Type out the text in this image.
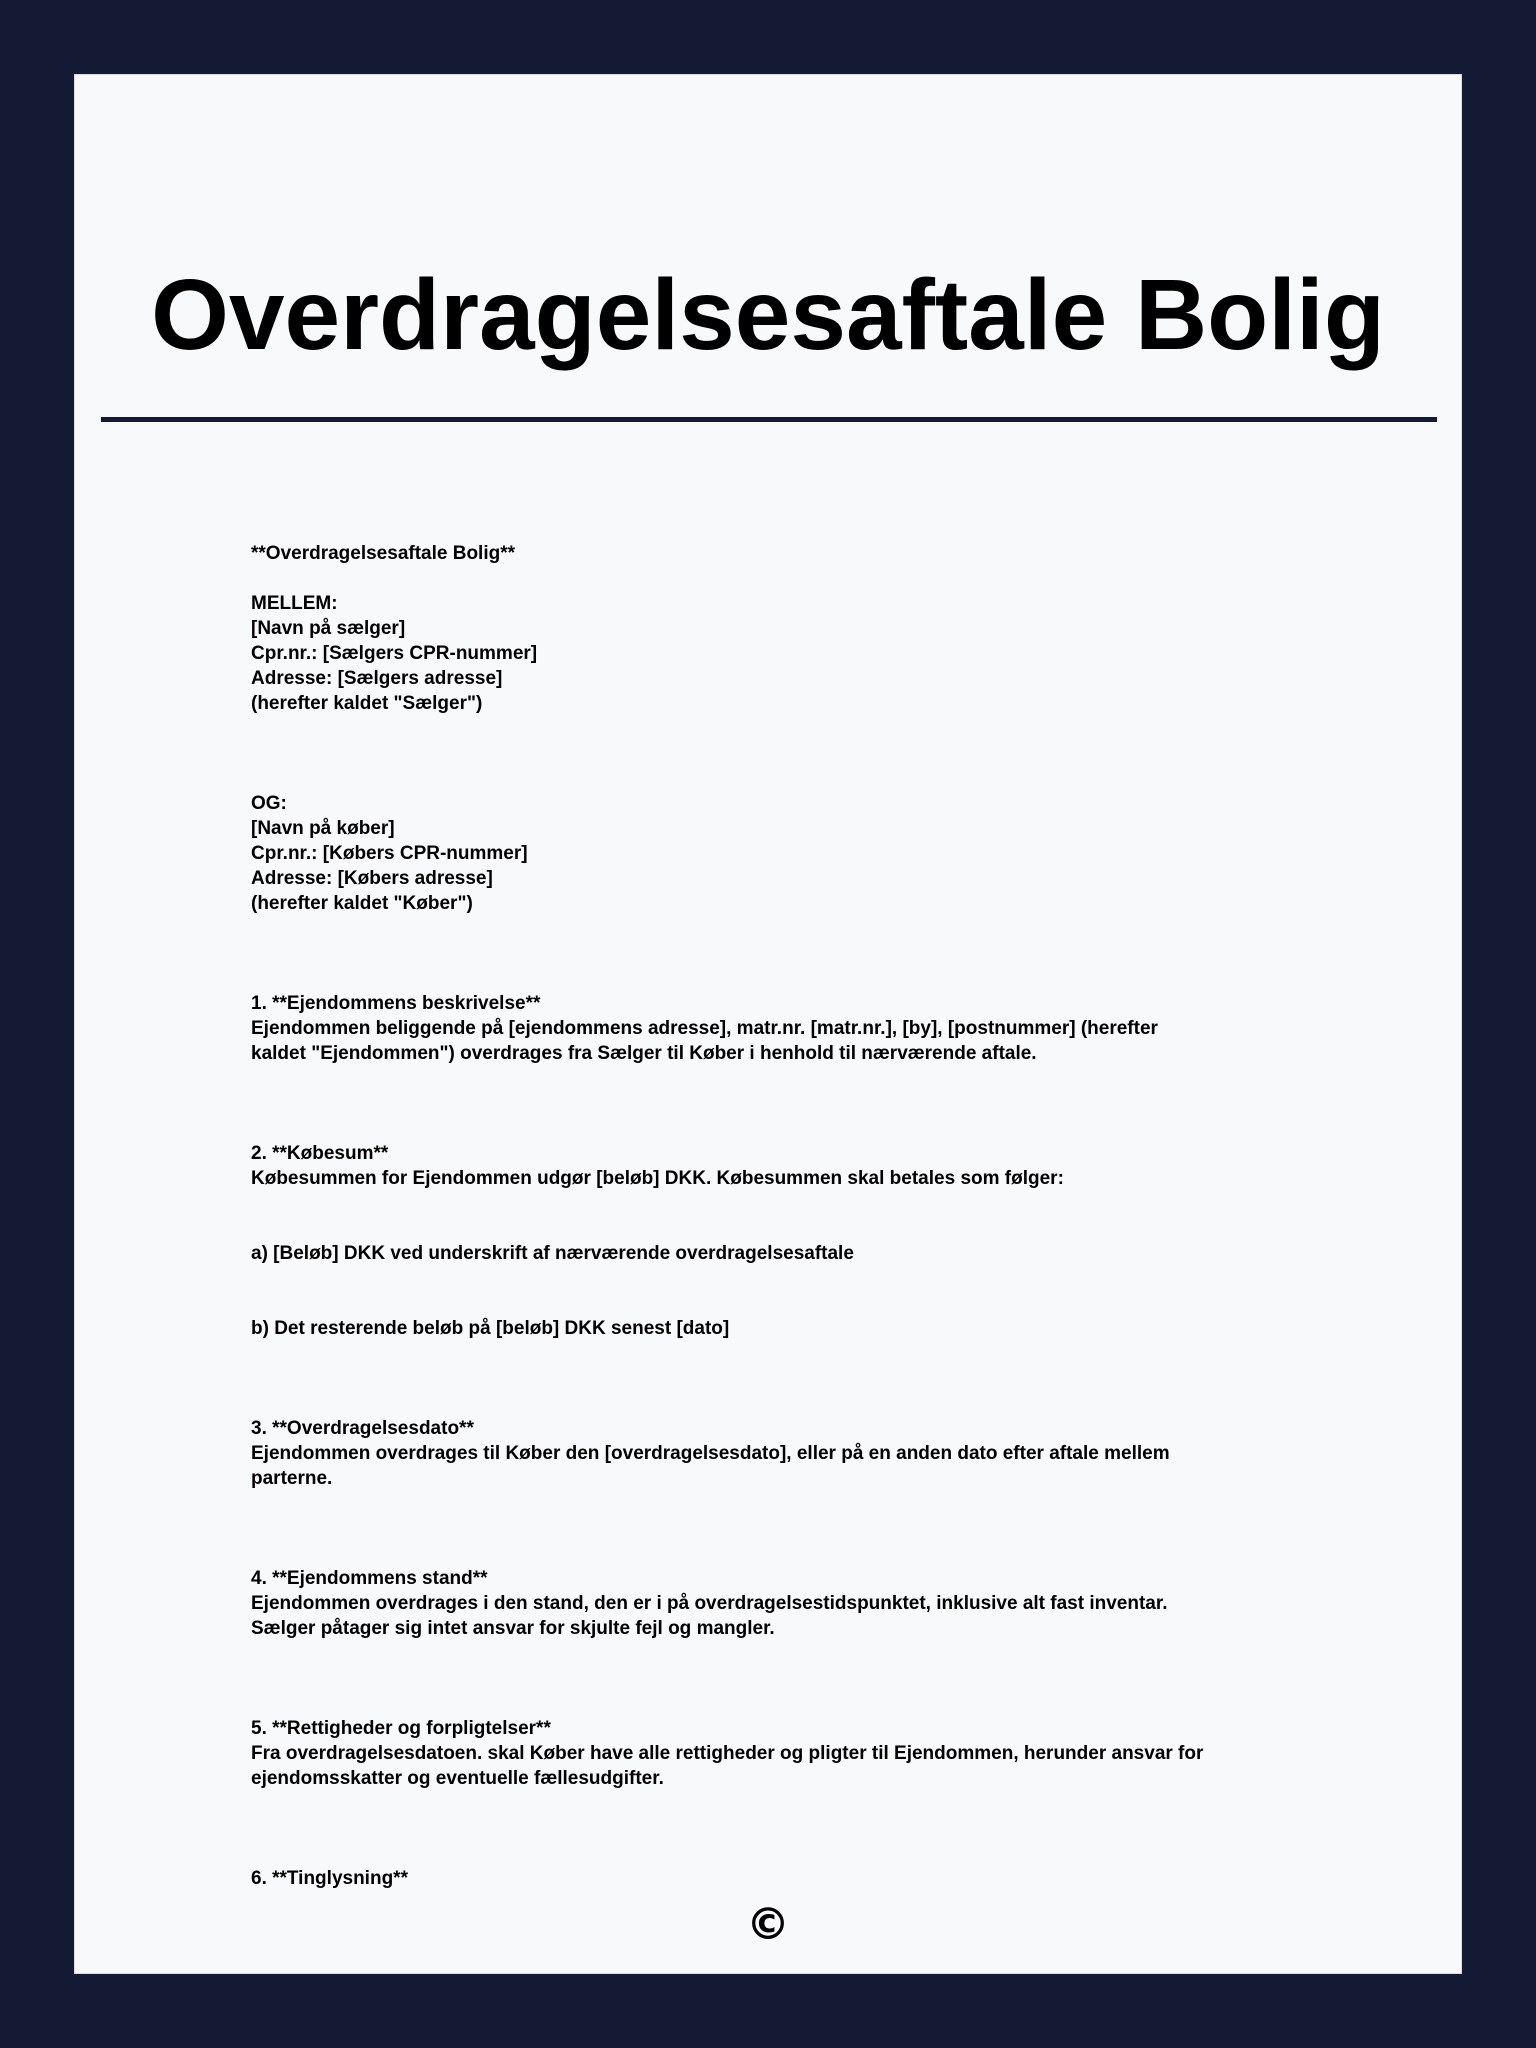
Overdragelsesaftale Bolig
**Overdragelsesaftale Bolig**
MELLEM:
[Navn på sælger]
Cpr.nr.: [Sælgers CPR-nummer]
Adresse: [Sælgers adresse]
(herefter kaldet "Sælger")
OG:
[Navn på køber]
Cpr.nr.: [Købers CPR-nummer]
Adresse: [Købers adresse]
(herefter kaldet "Køber")
1. **Ejendommens beskrivelse**
Ejendommen beliggende på [ejendommens adresse], matr.nr. [matr.nr.], [by], [postnummer] (herefter
kaldet "Ejendommen") overdrages fra Sælger til Køber i henhold til nærværende aftale.
2. **Købesum**
Købesummen for Ejendommen udgør [beløb] DKK. Købesummen skal betales som følger:
a) [Beløb] DKK ved underskrift af nærværende overdragelsesaftale
b) Det resterende beløb på [beløb] DKK senest [dato]
3. **Overdragelsesdato**
Ejendommen overdrages til Køber den [overdragelsesdato], eller på en anden dato efter aftale mellem
parterne.
4. **Ejendommens stand**
Ejendommen overdrages i den stand, den er i på overdragelsestidspunktet, inklusive alt fast inventar.
Sælger påtager sig intet ansvar for skjulte fejl og mangler.
5. **Rettigheder og forpligtelser**
Fra overdragelsesdatoen. skal Køber have alle rettigheder og pligter til Ejendommen, herunder ansvar for
ejendomsskatter og eventuelle fællesudgifter.
6. **Tinglysning**
©
